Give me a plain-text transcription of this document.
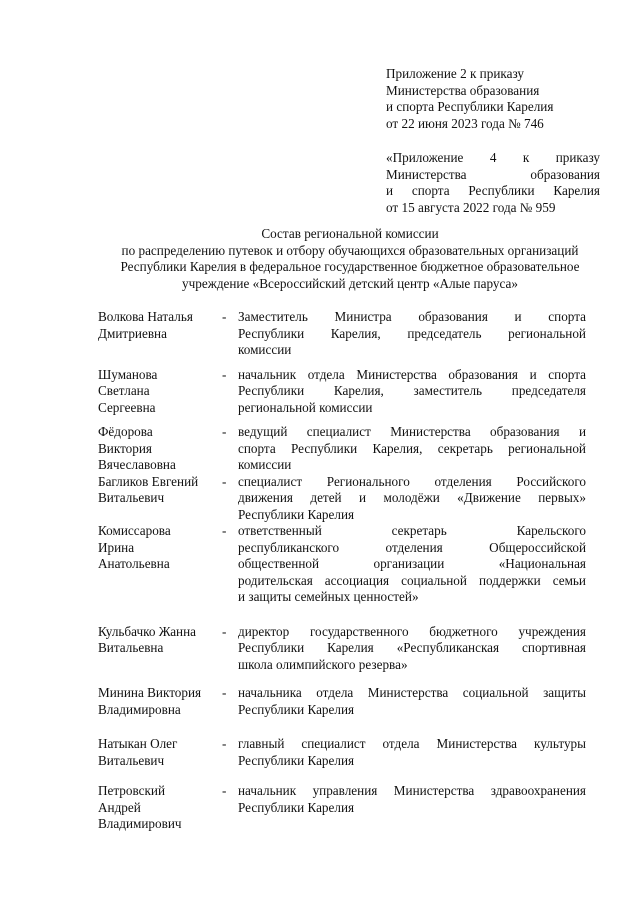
Приложение 2 к приказу
Министерства образования
и спорта Республики Карелия
от 22 июня 2023 года № 746
«Приложение 4 к приказу
Министерства образования
и спорта Республики Карелия
от 15 августа 2022 года № 959
Состав региональной комиссии
по распределению путевок и отбору обучающихся образовательных организаций
Республики Карелия в федеральное государственное бюджетное образовательное
учреждение «Всероссийский детский центр «Алые паруса»
Волкова Наталья
Дмитриевна
- Заместитель Министра образования и спорта
Республики Карелия, председатель региональной
комиссии
Шуманова
Светлана
Сергеевна
- начальник отдела Министерства образования и спорта
Республики Карелия, заместитель председателя
региональной комиссии
Фёдорова
Виктория
Вячеславовна
- ведущий специалист Министерства образования и
спорта Республики Карелия, секретарь региональной
комиссии
Багликов Евгений
Витальевич
- специалист Регионального отделения Российского
движения детей и молодёжи «Движение первых»
Республики Карелия
Комиссарова
Ирина
Анатольевна
- ответственный секретарь Карельского
республиканского отделения Общероссийской
общественной организации «Национальная
родительская ассоциация социальной поддержки семьи
и защиты семейных ценностей»
Кульбачко Жанна
Витальевна
- директор государственного бюджетного учреждения
Республики Карелия «Республиканская спортивная
школа олимпийского резерва»
Минина Виктория
Владимировна
- начальника отдела Министерства социальной защиты
Республики Карелия
Натыкан Олег
Витальевич
- главный специалист отдела Министерства культуры
Республики Карелия
Петровский
Андрей
Владимирович
- начальник управления Министерства здравоохранения
Республики Карелия
